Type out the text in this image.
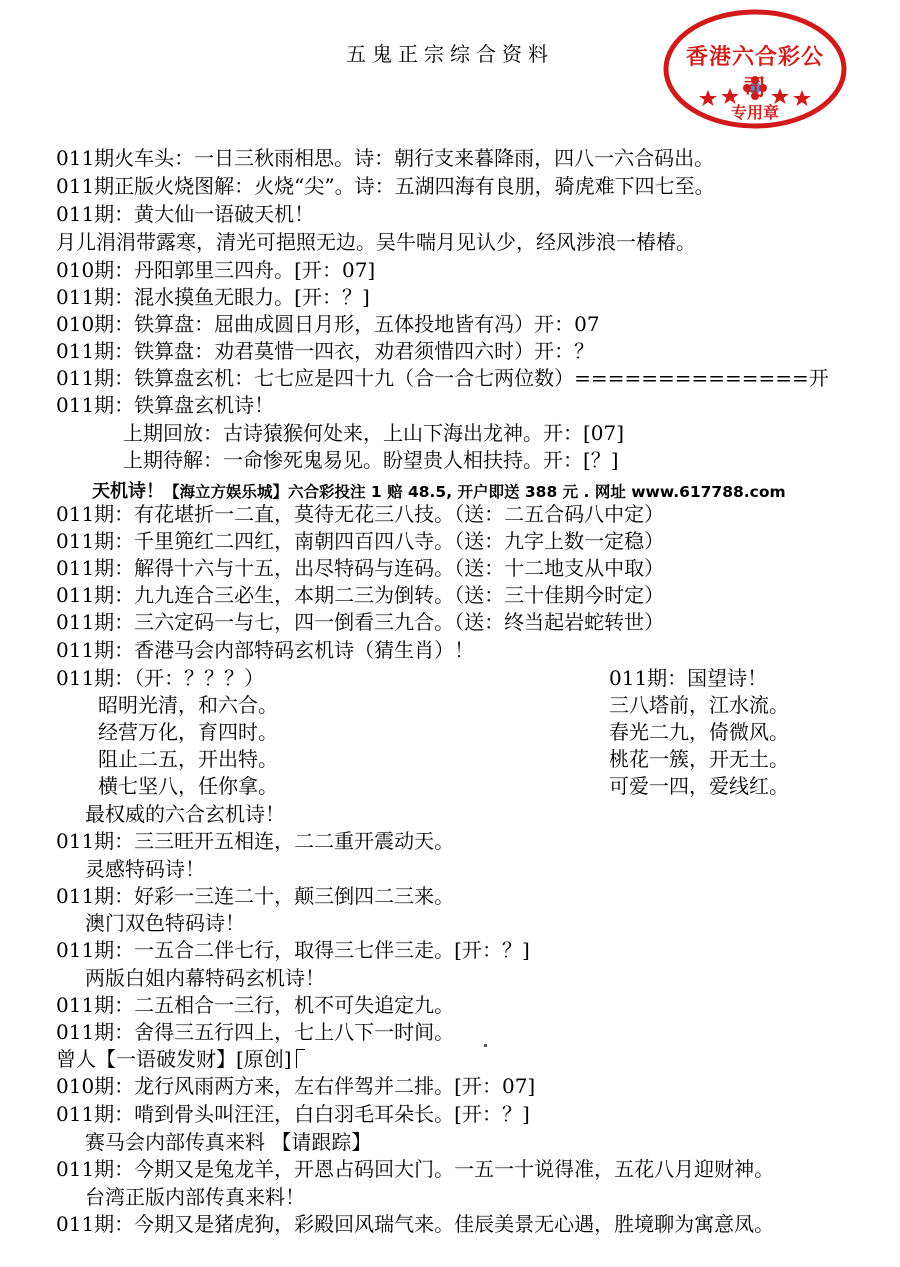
五鬼正宗综合资料	香港六合彩公司
专用章
011期火车头：一日三秋雨相思。诗：朝行支来暮降雨，四八一六合码出。
011期正版火烧图解：火烧“尖”。诗：五湖四海有良朋，骑虎难下四七至。
011期：黄大仙一语破天机！
月儿涓涓带露寒，清光可挹照无边。吴牛喘月见认少，经风涉浪一椿椿。
010期：丹阳郭里三四舟。[开：07]
011期：混水摸鱼无眼力。[开：？]
010期：铁算盘：屈曲成圆日月形，五体投地皆有冯）开：07
011期：铁算盘：劝君莫惜一四衣，劝君须惜四六时）开：？
011期：铁算盘玄机：七七应是四十九（合一合七两位数）==============开
011期：铁算盘玄机诗！
上期回放：古诗猿猴何处来，上山下海出龙神。开：[07]
上期待解：一命惨死鬼易见。盼望贵人相扶持。开：[？]
天机诗！【海立方娱乐城】六合彩投注 1 赔 48.5, 开户即送 388 元 . 网址 www.617788.com
011期：有花堪折一二直，莫待无花三八技。（送：二五合码八中定）
011期：千里篼红二四红，南朝四百四八寺。（送：九字上数一定稳）
011期：解得十六与十五，出尽特码与连码。（送：十二地支从中取）
011期：九九连合三必生，本期二三为倒转。（送：三十佳期今时定）
011期：三六定码一与七，四一倒看三九合。（送：终当起岩蛇转世）
011期：香港马会内部特码玄机诗（猜生肖）！
011期：（开：？？？）
昭明光清，和六合。
经营万化，育四时。
阻止二五，开出特。
横七坚八，任你拿。
011期：国望诗！
三八塔前，江水流。
春光二九，倚微风。
桃花一簇，开无土。
可爱一四，爱线红。
最权威的六合玄机诗！
011期：三三旺开五相连，二二重开震动天。
灵感特码诗！
011期：好彩一三连二十，颠三倒四二三来。
澳门双色特码诗！
011期：一五合二伴七行，取得三七伴三走。[开：？]
两版白姐内幕特码玄机诗！
011期：二五相合一三行，机不可失追定九。
011期：舍得三五行四上，七上八下一时间。
曾人【一语破发财】[原创]
010期：龙行风雨两方来，左右伴驾并二排。[开：07]
011期：啃到骨头叫汪汪，白白羽毛耳朵长。[开：？]
赛马会内部传真来料 【请跟踪】
011期：今期又是兔龙羊，开恩占码回大门。一五一十说得准，五花八月迎财神。
台湾正版内部传真来料！
011期：今期又是猪虎狗，彩殿回风瑞气来。佳辰美景无心遇，胜境聊为寓意凤。
